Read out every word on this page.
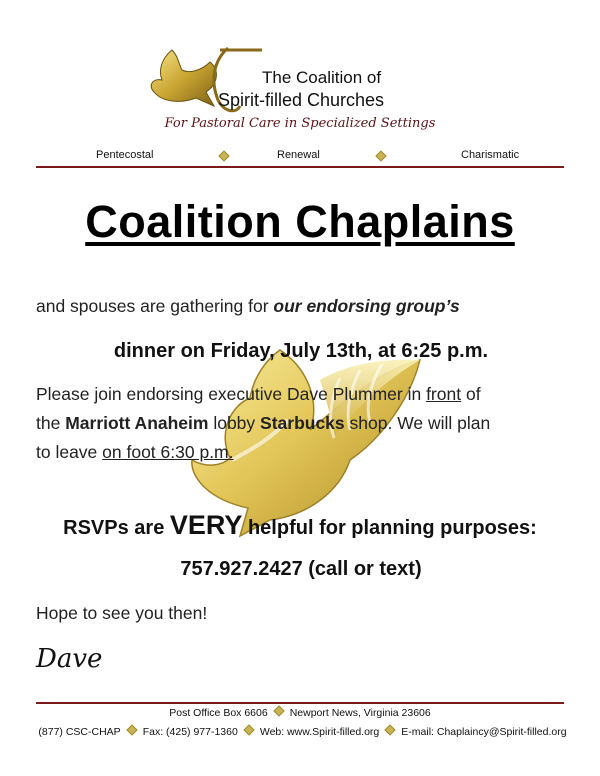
The Coalition of
Spirit-filled Churches
For Pastoral Care in Specialized Settings
Pentecostal	Renewal	Charismatic
Coalition Chaplains
and spouses are gathering for our endorsing group’s
dinner on Friday, July 13th, at 6:25 p.m.
Please join endorsing executive Dave Plummer in front of
the Marriott Anaheim lobby Starbucks shop. We will plan
to leave on foot 6:30 p.m.
RSVPs are VERY helpful for planning purposes:
757.927.2427 (call or text)
Hope to see you then!
Dave
Post Office Box 6606 Newport News, Virginia 23606
(877) CSC-CHAP Fax: (425) 977-1360 Web: www.Spirit-filled.org E-mail: Chaplaincy@Spirit-filled.org
